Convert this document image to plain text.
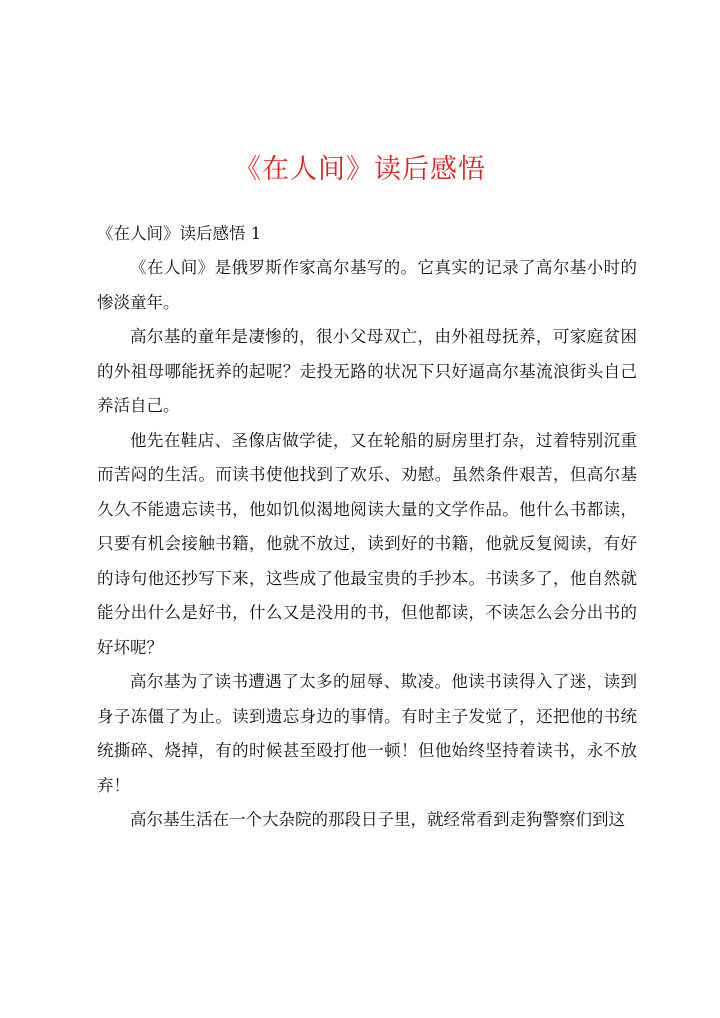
《在人间》读后感悟

《在人间》读后感悟 1

《在人间》是俄罗斯作家高尔基写的。它真实的记录了高尔基小时的惨淡童年。

高尔基的童年是凄惨的，很小父母双亡，由外祖母抚养，可家庭贫困的外祖母哪能抚养的起呢？走投无路的状况下只好逼高尔基流浪街头自己养活自己。

他先在鞋店、圣像店做学徒，又在轮船的厨房里打杂，过着特别沉重而苦闷的生活。而读书使他找到了欢乐、劝慰。虽然条件艰苦，但高尔基久久不能遗忘读书，他如饥似渴地阅读大量的文学作品。他什么书都读，只要有机会接触书籍，他就不放过，读到好的书籍，他就反复阅读，有好的诗句他还抄写下来，这些成了他最宝贵的手抄本。书读多了，他自然就能分出什么是好书，什么又是没用的书，但他都读，不读怎么会分出书的好坏呢？

高尔基为了读书遭遇了太多的屈辱、欺凌。他读书读得入了迷，读到身子冻僵了为止。读到遗忘身边的事情。有时主子发觉了，还把他的书统统撕碎、烧掉，有的时候甚至殴打他一顿！但他始终坚持着读书，永不放弃！

高尔基生活在一个大杂院的那段日子里，就经常看到走狗警察们到这
